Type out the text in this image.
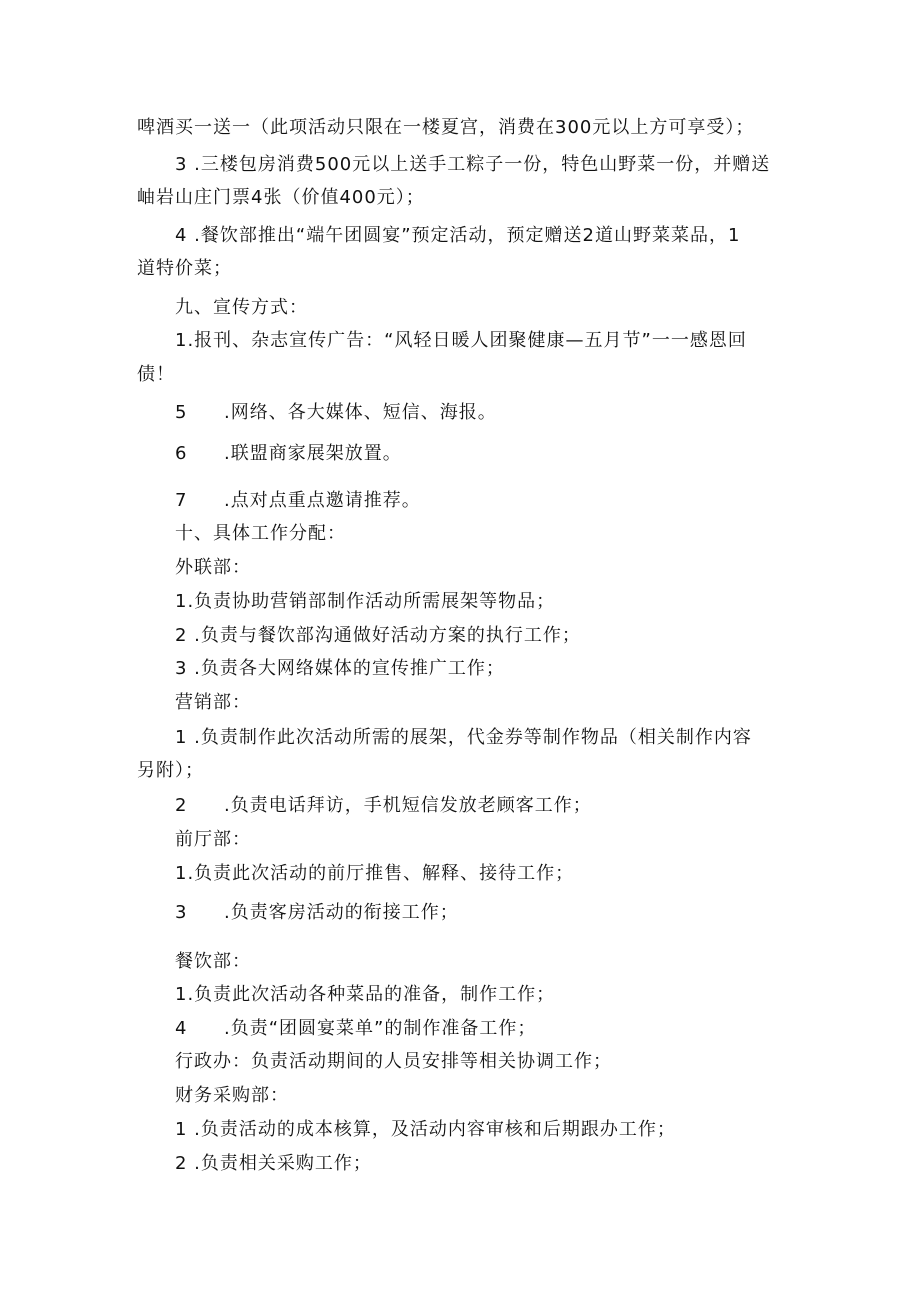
啤酒买一送一（此项活动只限在一楼夏宫，消费在300元以上方可享受）；
3 .三楼包房消费500元以上送手工粽子一份，特色山野菜一份，并赠送
岫岩山庄门票4张（价值400元）；
4 .餐饮部推出“端午团圆宴”预定活动，预定赠送2道山野菜菜品，1
道特价菜；
九、宣传方式：
1.报刊、杂志宣传广告：“风轻日暖人团聚健康—五月节”一一感恩回
债！
5 .网络、各大媒体、短信、海报。
6 .联盟商家展架放置。
7 .点对点重点邀请推荐。
十、具体工作分配：
外联部：
1.负责协助营销部制作活动所需展架等物品；
2 .负责与餐饮部沟通做好活动方案的执行工作；
3 .负责各大网络媒体的宣传推广工作；
营销部：
1 .负责制作此次活动所需的展架，代金券等制作物品（相关制作内容
另附）；
2 .负责电话拜访，手机短信发放老顾客工作；
前厅部：
1.负责此次活动的前厅推售、解释、接待工作；
3 .负责客房活动的衔接工作；
餐饮部：
1.负责此次活动各种菜品的准备，制作工作；
4 .负责“团圆宴菜单”的制作准备工作；
行政办：负责活动期间的人员安排等相关协调工作；
财务采购部：
1 .负责活动的成本核算，及活动内容审核和后期跟办工作；
2 .负责相关采购工作；
